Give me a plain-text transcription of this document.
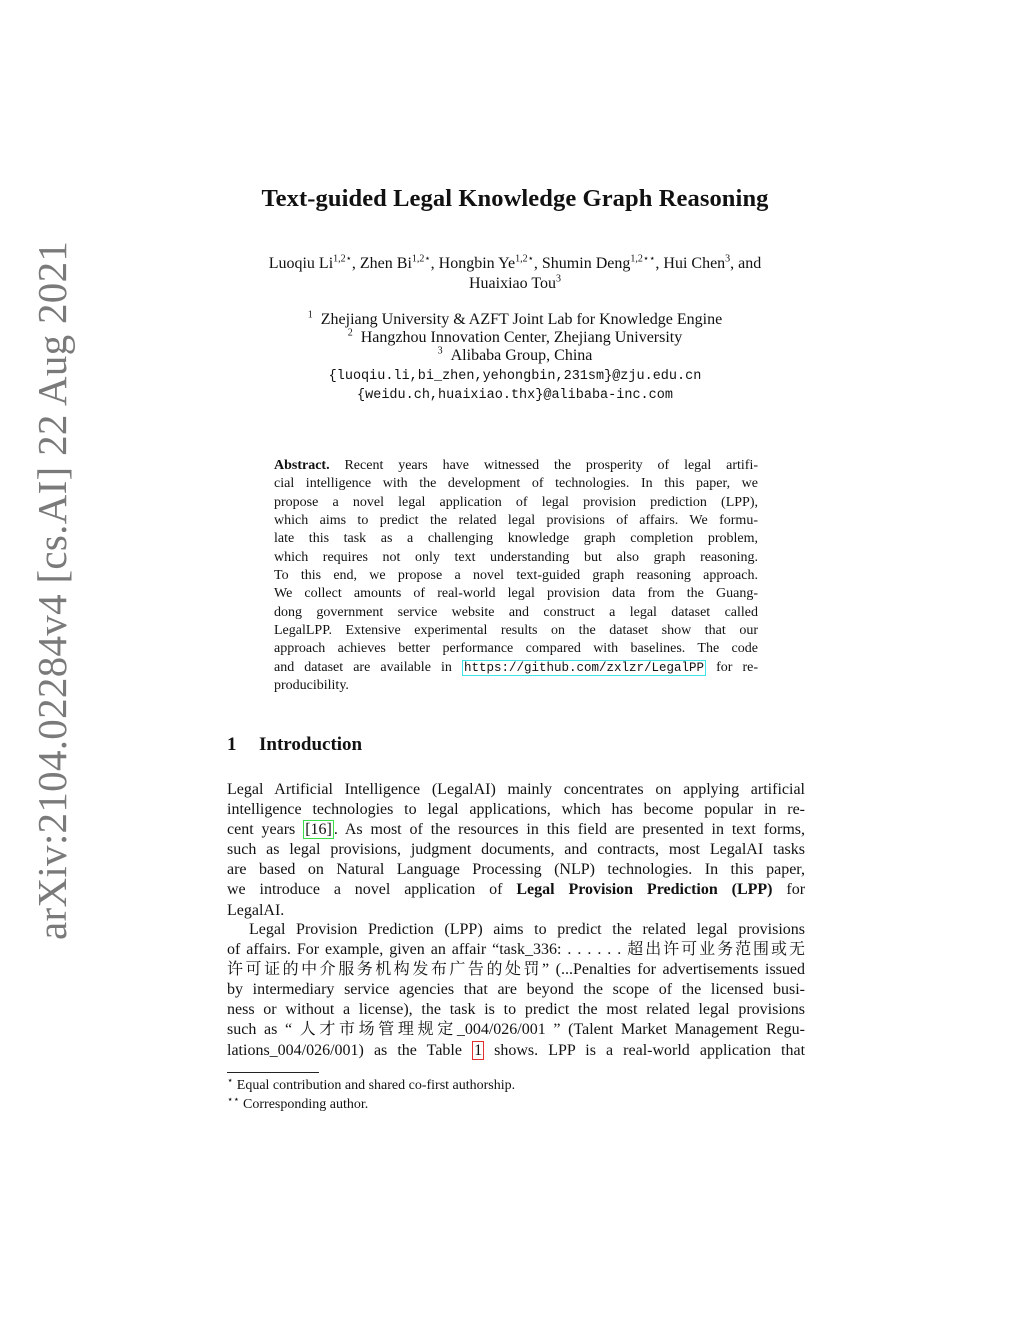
arXiv:2104.02284v4 [cs.AI] 22 Aug 2021
Text-guided Legal Knowledge Graph Reasoning
Luoqiu $Li^{1,2⋆}$, Zhen $Bi^{1,2⋆}$, Hongbin $Ye^{1,2⋆}$, Shumin Deng$^{1,2⋆⋆}$, Hui Chen$^3$, and
Huaixiao Tou$^3$
$^1$ Zhejiang University & AZFT Joint Lab for Knowledge Engine
$^2$ Hangzhou Innovation Center, Zhejiang University
$^3$ Alibaba Group, China
{luoqiu.li,bi_zhen,yehongbin,231sm}@zju.edu.cn
{weidu.ch,huaixiao.thx}@alibaba-inc.com
Abstract. Recent years have witnessed the prosperity of legal artifi-
cial intelligence with the development of technologies. In this paper, we
propose a novel legal application of legal provision prediction (LPP),
which aims to predict the related legal provisions of affairs. We formu-
late this task as a challenging knowledge graph completion problem,
which requires not only text understanding but also graph reasoning.
To this end, we propose a novel text-guided graph reasoning approach.
We collect amounts of real-world legal provision data from the Guang-
dong government service website and construct a legal dataset called
LegalLPP. Extensive experimental results on the dataset show that our
approach achieves better performance compared with baselines. The code
and dataset are available in https://github.com/zxlzr/LegalPP for re-
producibility.
1 Introduction
Legal Artificial Intelligence (LegalAI) mainly concentrates on applying artificial
intelligence technologies to legal applications, which has become popular in re-
cent years [16] . As most of the resources in this field are presented in text forms,
such as legal provisions, judgment documents, and contracts, most LegalAI tasks
are based on Natural Language Processing (NLP) technologies. In this paper,
we introduce a novel application of Legal Provision Prediction (LPP) for
LegalAI.
Legal Provision Prediction (LPP) aims to predict the related legal provisions
of affairs. For example, given an affair “task_336: . . . . . . 超出许可业务范围或无
许可证的中介服务机构发布广告的处罚” (...Penalties for advertisements issued
by intermediary service agencies that are beyond the scope of the licensed busi-
ness or without a license), the task is to predict the most related legal provisions
such as “ 人才市场管理规定_004/026/001 ” (Talent Market Management Regu-
lations_004/026/001) as the Table 1 shows. LPP is a real-world application that
⋆ Equal contribution and shared co-first authorship.
⋆⋆ Corresponding author.
